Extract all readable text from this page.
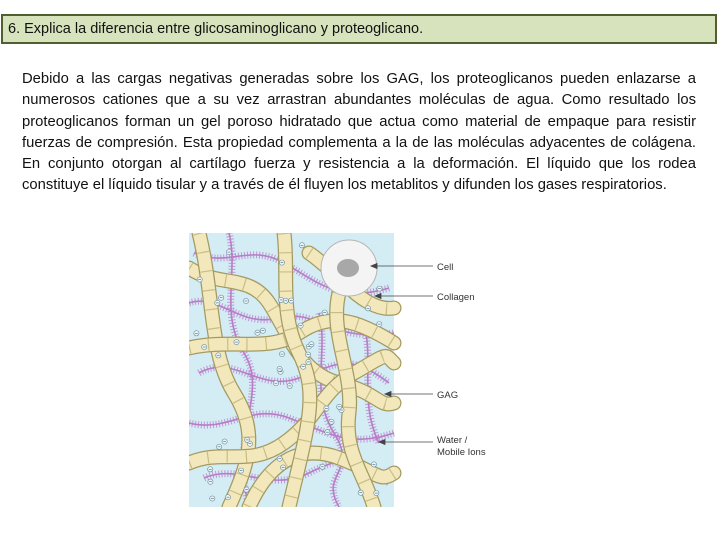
6. Explica la diferencia entre glicosaminoglicano y proteoglicano.

Debido a las cargas negativas generadas sobre los GAG, los proteoglicanos pueden enlazarse a numerosos cationes que a su vez arrastran abundantes moléculas de agua. Como resultado los proteoglicanos forman un gel poroso hidratado que actua como material de empaque para resistir fuerzas de compresión. Esta propiedad complementa a la de las moléculas adyacentes de colágena. En conjunto otorgan al cartílago fuerza y resistencia a la deformación. El líquido que los rodea constituye el líquido tisular y a través de él fluyen los metablitos y difunden los gases respiratorios.

Cell
Collagen
GAG
Water /
Mobile Ions
